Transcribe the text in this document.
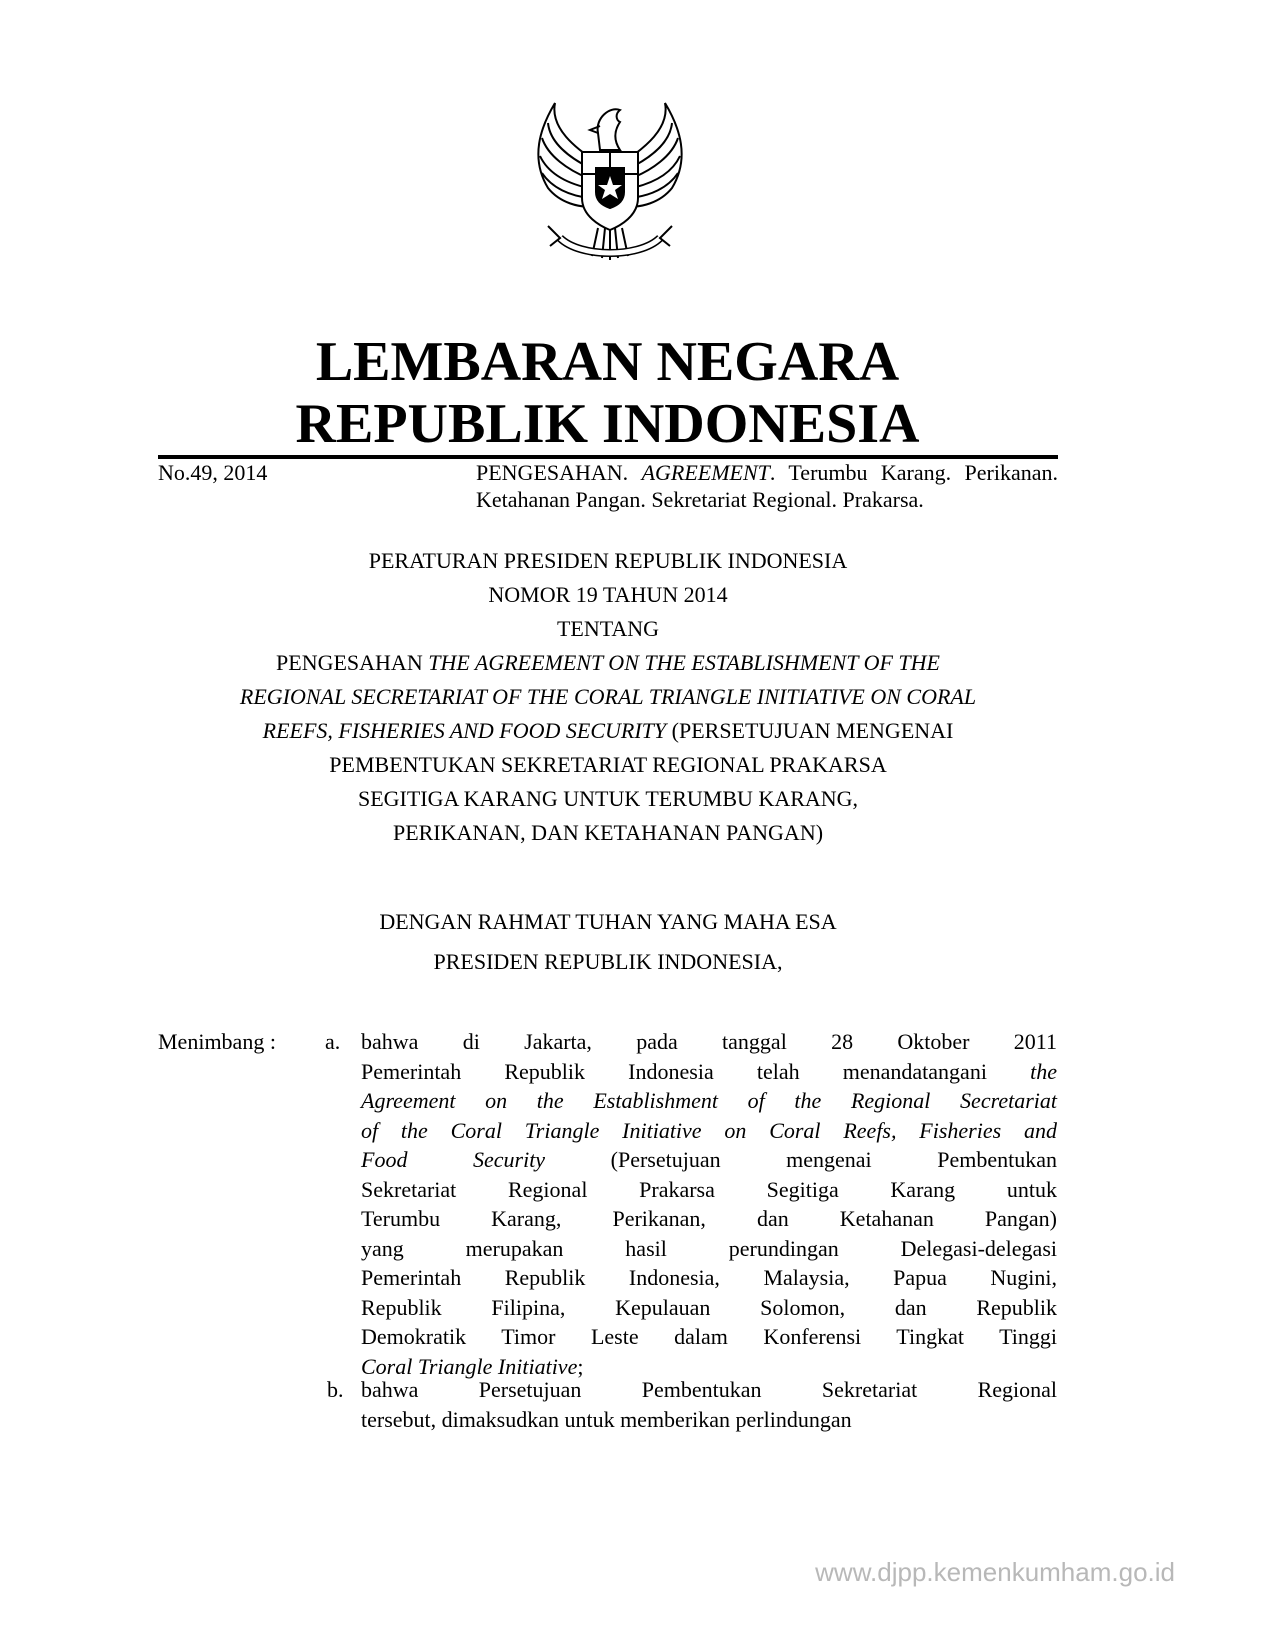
LEMBARAN NEGARA
REPUBLIK INDONESIA
No.49, 2014	PENGESAHAN. AGREEMENT. Terumbu Karang. Perikanan. Ketahanan Pangan. Sekretariat Regional. Prakarsa.
PERATURAN PRESIDEN REPUBLIK INDONESIA
NOMOR 19 TAHUN 2014
TENTANG
PENGESAHAN THE AGREEMENT ON THE ESTABLISHMENT OF THE
REGIONAL SECRETARIAT OF THE CORAL TRIANGLE INITIATIVE ON CORAL
REEFS, FISHERIES AND FOOD SECURITY (PERSETUJUAN MENGENAI
PEMBENTUKAN SEKRETARIAT REGIONAL PRAKARSA
SEGITIGA KARANG UNTUK TERUMBU KARANG,
PERIKANAN, DAN KETAHANAN PANGAN)
DENGAN RAHMAT TUHAN YANG MAHA ESA
PRESIDEN REPUBLIK INDONESIA,
Menimbang : a. bahwa di Jakarta, pada tanggal 28 Oktober 2011
Pemerintah Republik Indonesia telah menandatangani the
Agreement on the Establishment of the Regional Secretariat
of the Coral Triangle Initiative on Coral Reefs, Fisheries and
Food Security (Persetujuan mengenai Pembentukan
Sekretariat Regional Prakarsa Segitiga Karang untuk
Terumbu Karang, Perikanan, dan Ketahanan Pangan)
yang merupakan hasil perundingan Delegasi-delegasi
Pemerintah Republik Indonesia, Malaysia, Papua Nugini,
Republik Filipina, Kepulauan Solomon, dan Republik
Demokratik Timor Leste dalam Konferensi Tingkat Tinggi
Coral Triangle Initiative;
b. bahwa Persetujuan Pembentukan Sekretariat Regional
tersebut, dimaksudkan untuk memberikan perlindungan
www.djpp.kemenkumham.go.id
